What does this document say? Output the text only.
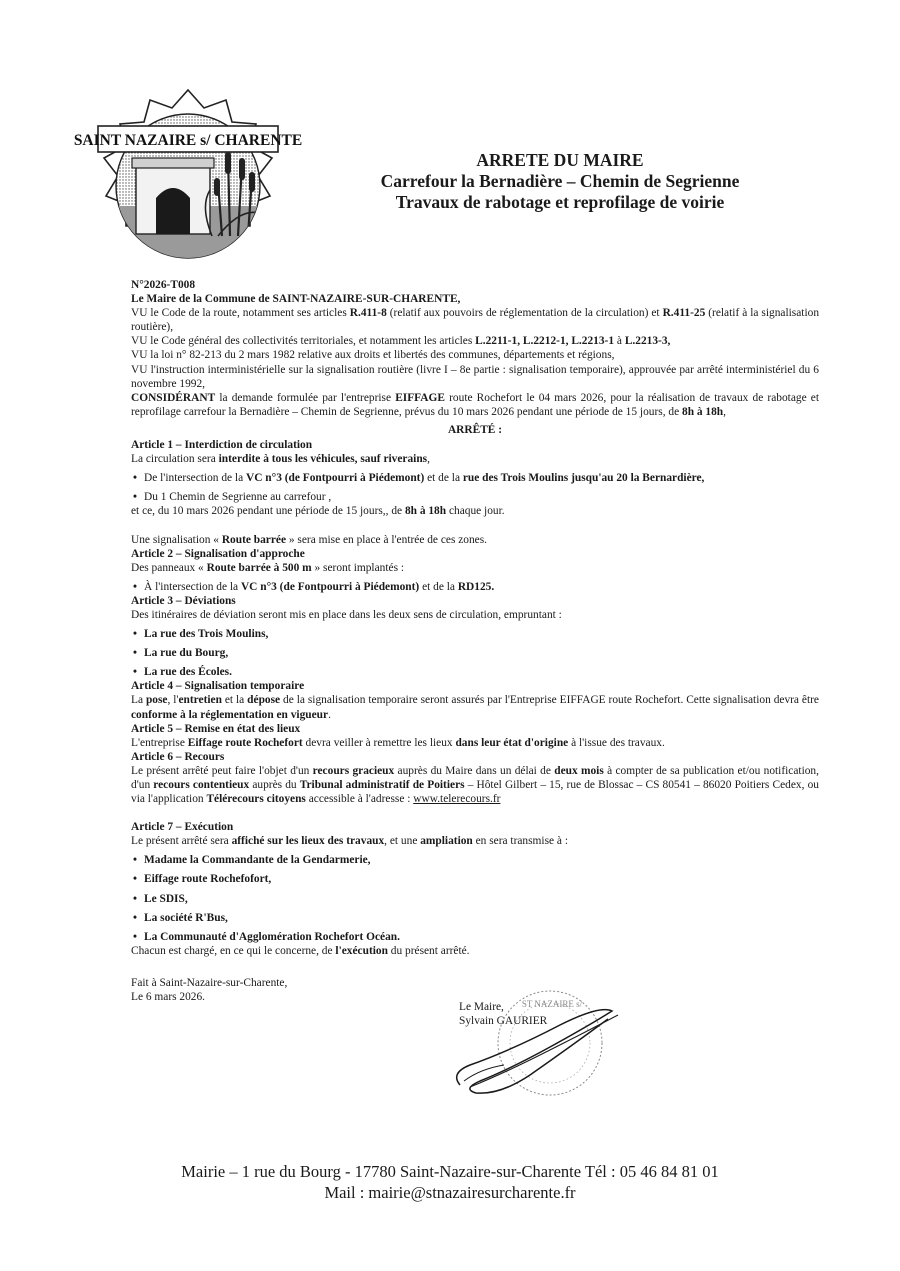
SAINT NAZAIRE s/ CHARENTE
ARRETE DU MAIRE
Carrefour la Bernadière – Chemin de Segrienne
Travaux de rabotage et reprofilage de voirie

N°2026-T008

Le Maire de la Commune de SAINT-NAZAIRE-SUR-CHARENTE,

VU le Code de la route, notamment ses articles R.411-8 (relatif aux pouvoirs de réglementation de la circulation) et R.411-25 (relatif à la signalisation routière),

VU le Code général des collectivités territoriales, et notamment les articles L.2211-1, L.2212-1, L.2213-1 à L.2213-3,

VU la loi n° 82-213 du 2 mars 1982 relative aux droits et libertés des communes, départements et régions,

VU l'instruction interministérielle sur la signalisation routière (livre I – 8e partie : signalisation temporaire), approuvée par arrêté interministériel du 6 novembre 1992,

CONSIDÉRANT la demande formulée par l'entreprise EIFFAGE route Rochefort le 04 mars 2026, pour la réalisation de travaux de rabotage et reprofilage carrefour la Bernadière – Chemin de Segrienne, prévus du 10 mars 2026 pendant une période de 15 jours, de 8h à 18h,

ARRÊTÉ :

Article 1 – Interdiction de circulation

La circulation sera interdite à tous les véhicules, sauf riverains,

• De l'intersection de la VC n°3 (de Fontpourri à Piédemont) et de la rue des Trois Moulins jusqu'au 20 la Bernardière,

• Du 1 Chemin de Segrienne au carrefour ,

et ce, du 10 mars 2026 pendant une période de 15 jours,, de 8h à 18h chaque jour.

Une signalisation « Route barrée » sera mise en place à l'entrée de ces zones.

Article 2 – Signalisation d'approche

Des panneaux « Route barrée à 500 m » seront implantés :

• À l'intersection de la VC n°3 (de Fontpourri à Piédemont) et de la RD125.

Article 3 – Déviations

Des itinéraires de déviation seront mis en place dans les deux sens de circulation, empruntant :

• La rue des Trois Moulins,

• La rue du Bourg,

• La rue des Écoles.

Article 4 – Signalisation temporaire

La pose, l'entretien et la dépose de la signalisation temporaire seront assurés par l'Entreprise EIFFAGE route Rochefort. Cette signalisation devra être conforme à la réglementation en vigueur.

Article 5 – Remise en état des lieux

L'entreprise Eiffage route Rochefort devra veiller à remettre les lieux dans leur état d'origine à l'issue des travaux.

Article 6 – Recours

Le présent arrêté peut faire l'objet d'un recours gracieux auprès du Maire dans un délai de deux mois à compter de sa publication et/ou notification, d'un recours contentieux auprès du Tribunal administratif de Poitiers – Hôtel Gilbert – 15, rue de Blossac – CS 80541 – 86020 Poitiers Cedex, ou via l'application Télérecours citoyens accessible à l'adresse : www.telerecours.fr

Article 7 – Exécution

Le présent arrêté sera affiché sur les lieux des travaux, et une ampliation en sera transmise à :

• Madame la Commandante de la Gendarmerie,

• Eiffage route Rochefofort,

• Le SDIS,

• La société R'Bus,

• La Communauté d'Agglomération Rochefort Océan.

Chacun est chargé, en ce qui le concerne, de l'exécution du présent arrêté.

Fait à Saint-Nazaire-sur-Charente,
Le 6 mars 2026.
ST NAZAIRE s/
Le Maire,
Sylvain GAURIER
Mairie – 1 rue du Bourg - 17780 Saint-Nazaire-sur-Charente Tél : 05 46 84 81 01
Mail : mairie@stnazairesurcharente.fr
